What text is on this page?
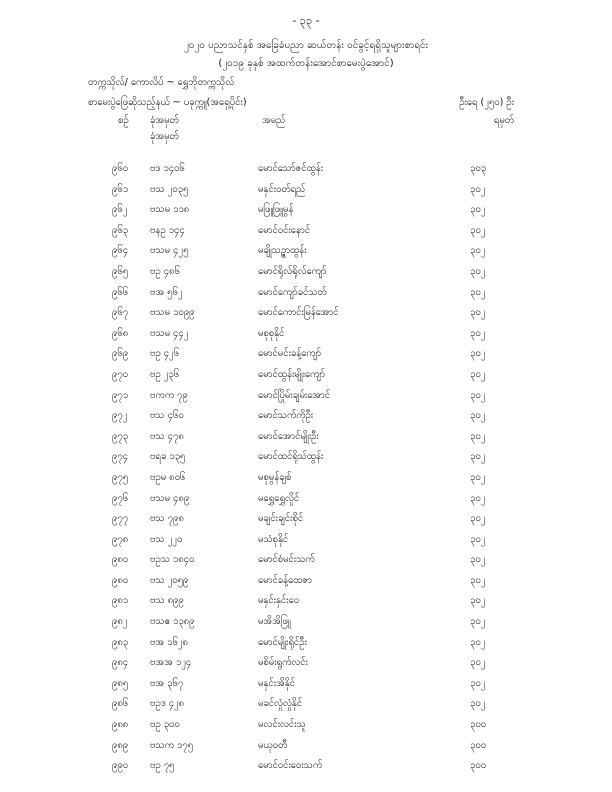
- ၃၃ -
၂၀၂၀ ပညာသင်နှစ် အခြေခံပညာ ဆယ်တန်း ဝင်ခွင့်ရရှိသူများစာရင်း
(၂၀၁၉ ခုနှစ် အထက်တန်းအောင်စာမေးပွဲအောင်)
တက္ကသိုလ်/ ကောလိပ် ~ ရွှေဘိုတက္ကသိုလ်
စာမေးပွဲဖြေဆိုသည့်နယ် ~ ပခုက္ကူ(အရှေ့ပိုင်း)	ဦးရေ (၂၅၀) ဦး
စဉ် ခုံအမှတ်
ခုံအမှတ်
အမည်	ရမှတ်
၉၆၀ ဗဒ ၁၄၀၆	မောင်သော်ဇင်ထွန်း	၃၀၃
၉၆၁ ဗသ ၂၀၃၅	မနှင်းဝတ်ရည်	၃၀၂
၉၆၂ ဗသမ ၁၁၈	မဖြူဖြူမွန်	၃၀၂
၉၆၃ ဗနဥ ၁၄၄	မောင်ဝင်းနောင်	၃၀၂
၉၆၄ ဗသမ ၄၂၅	မချိုသဉ္ဇာထွန်း	၃၀၂
၉၆၅ ဗဥ ၄၈၆	မောင်ရိုလ်ရိုလ်ကျော်	၃၀၂
၉၆၆ ဗအ ၅၆၂	မောင်ကျော်ခင်သတ်	၃၀၂
၉၆၇ ဗသမ ၁၀၉၉	မောင်ကောင်းမြန်အောင်	၃၀၂
၉၆၈ ဗသမ ၄၄၂	မစုစုနိုင်	၃၀၂
၉၆၉ ဗဥ ၄၂၆	မောင်မင်းခန့်ကျော်	၃၀၂
၉၇၀ ဗဥ ၂၃၆	မောင်ထွန်းမျိုးကျော်	၃၀၂
၉၇၁ ဗကက ၇၉	မောင်ပြိုမ်းချမ်းအောင်	၃၀၂
၉၇၂ ဗသ ၄၆၀	မောင်သက်ကိုဦး	၃၀၂
၉၇၃ ဗသ ၄၇၈	မောင်အောင်မျိုးဦး	၃၀၂
၉၇၄ ဗရခ ၁၃၅	မောင်ထင်ရိုသ်ထွန်း	၃၀၂
၉၇၅ ဗဥမ ၈၀၆	မစုမွန်ချစ်	၃၀၂
၉၇၆ ဗသမ ၄၈၉	မရွှေရွှေလှိုင်	၃၀၂
၉၇၇ ဗသ ၇၉၈	မချင်းချင်းစိုင်	၃၀၂
၉၇၈ ဗသ ၂၂၀	မသံစုနိုင်	၃၀၂
၉၈၀ ဗဥသ ၁၈၄၀	မောင်စံမင်းသက်	၃၀၂
၉၈၀ ဗသ ၂၀၅၉	မောင်ခန့်ထေဇာ	၃၀၂
၉၈၁ ဗသ ၈၉၉	မနှင်းနှင်းဝေ	၃၀၂
၉၈၂ ဗသဧ ၁၃၈၉	မအိအိဖြူ	၃၀၂
၉၈၃ ဗအ ၁၆၂၈	မောင်မျိုးရိုင်ဦး	၃၀၂
၉၈၄ ဗအအ ၁၂၄	မစိမ်းရွက်လင်း	၃၀၂
၉၈၅ ဗအ ၃၆၇	မနှင်းအိနိုင်	၃၀၂
၉၈၆ ဗဥဒ ၄၂၈	မခင်လှုံလှုံနိုင်	၃၀၂
၉၈၈ ဗဥ ၃၀၀	မလင်းလင်းသူ	၃၀၀
၉၈၉ ဗသက ၁၇၅	မယုဝတီ	၃၀၀
၉၉၀ ဗဥ ၇၅	မောင်ဝင်းဝေးသက်	၃၀၀
